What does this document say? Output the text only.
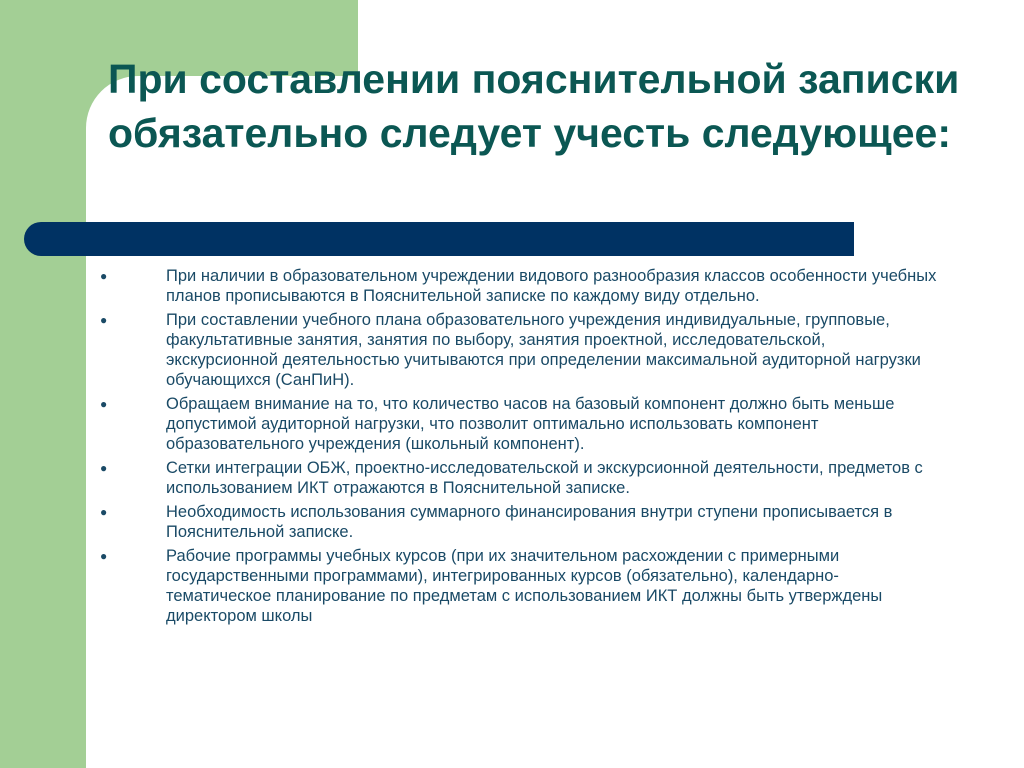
При составлении пояснительной записки обязательно следует учесть следующее:
●	При наличии в образовательном учреждении видового разнообразия классов особенности учебных планов прописываются в Пояснительной записке по каждому виду отдельно.
●	При составлении учебного плана образовательного учреждения индивидуальные, групповые, факультативные занятия, занятия по выбору, занятия проектной, исследовательской, экскурсионной деятельностью учитываются при определении максимальной аудиторной нагрузки обучающихся (СанПиН).
●	Обращаем внимание на то, что количество часов на базовый компонент должно быть меньше допустимой аудиторной нагрузки, что позволит оптимально использовать компонент образовательного учреждения (школьный компонент).
●	Сетки интеграции ОБЖ, проектно-исследовательской и экскурсионной деятельности, предметов с использованием ИКТ отражаются в Пояснительной записке.
●	Необходимость использования суммарного финансирования внутри ступени прописывается в Пояснительной записке.
●	Рабочие программы учебных курсов (при их значительном расхождении с примерными государственными программами), интегрированных курсов (обязательно), календарно-тематическое планирование по предметам с использованием ИКТ должны быть утверждены директором школы
